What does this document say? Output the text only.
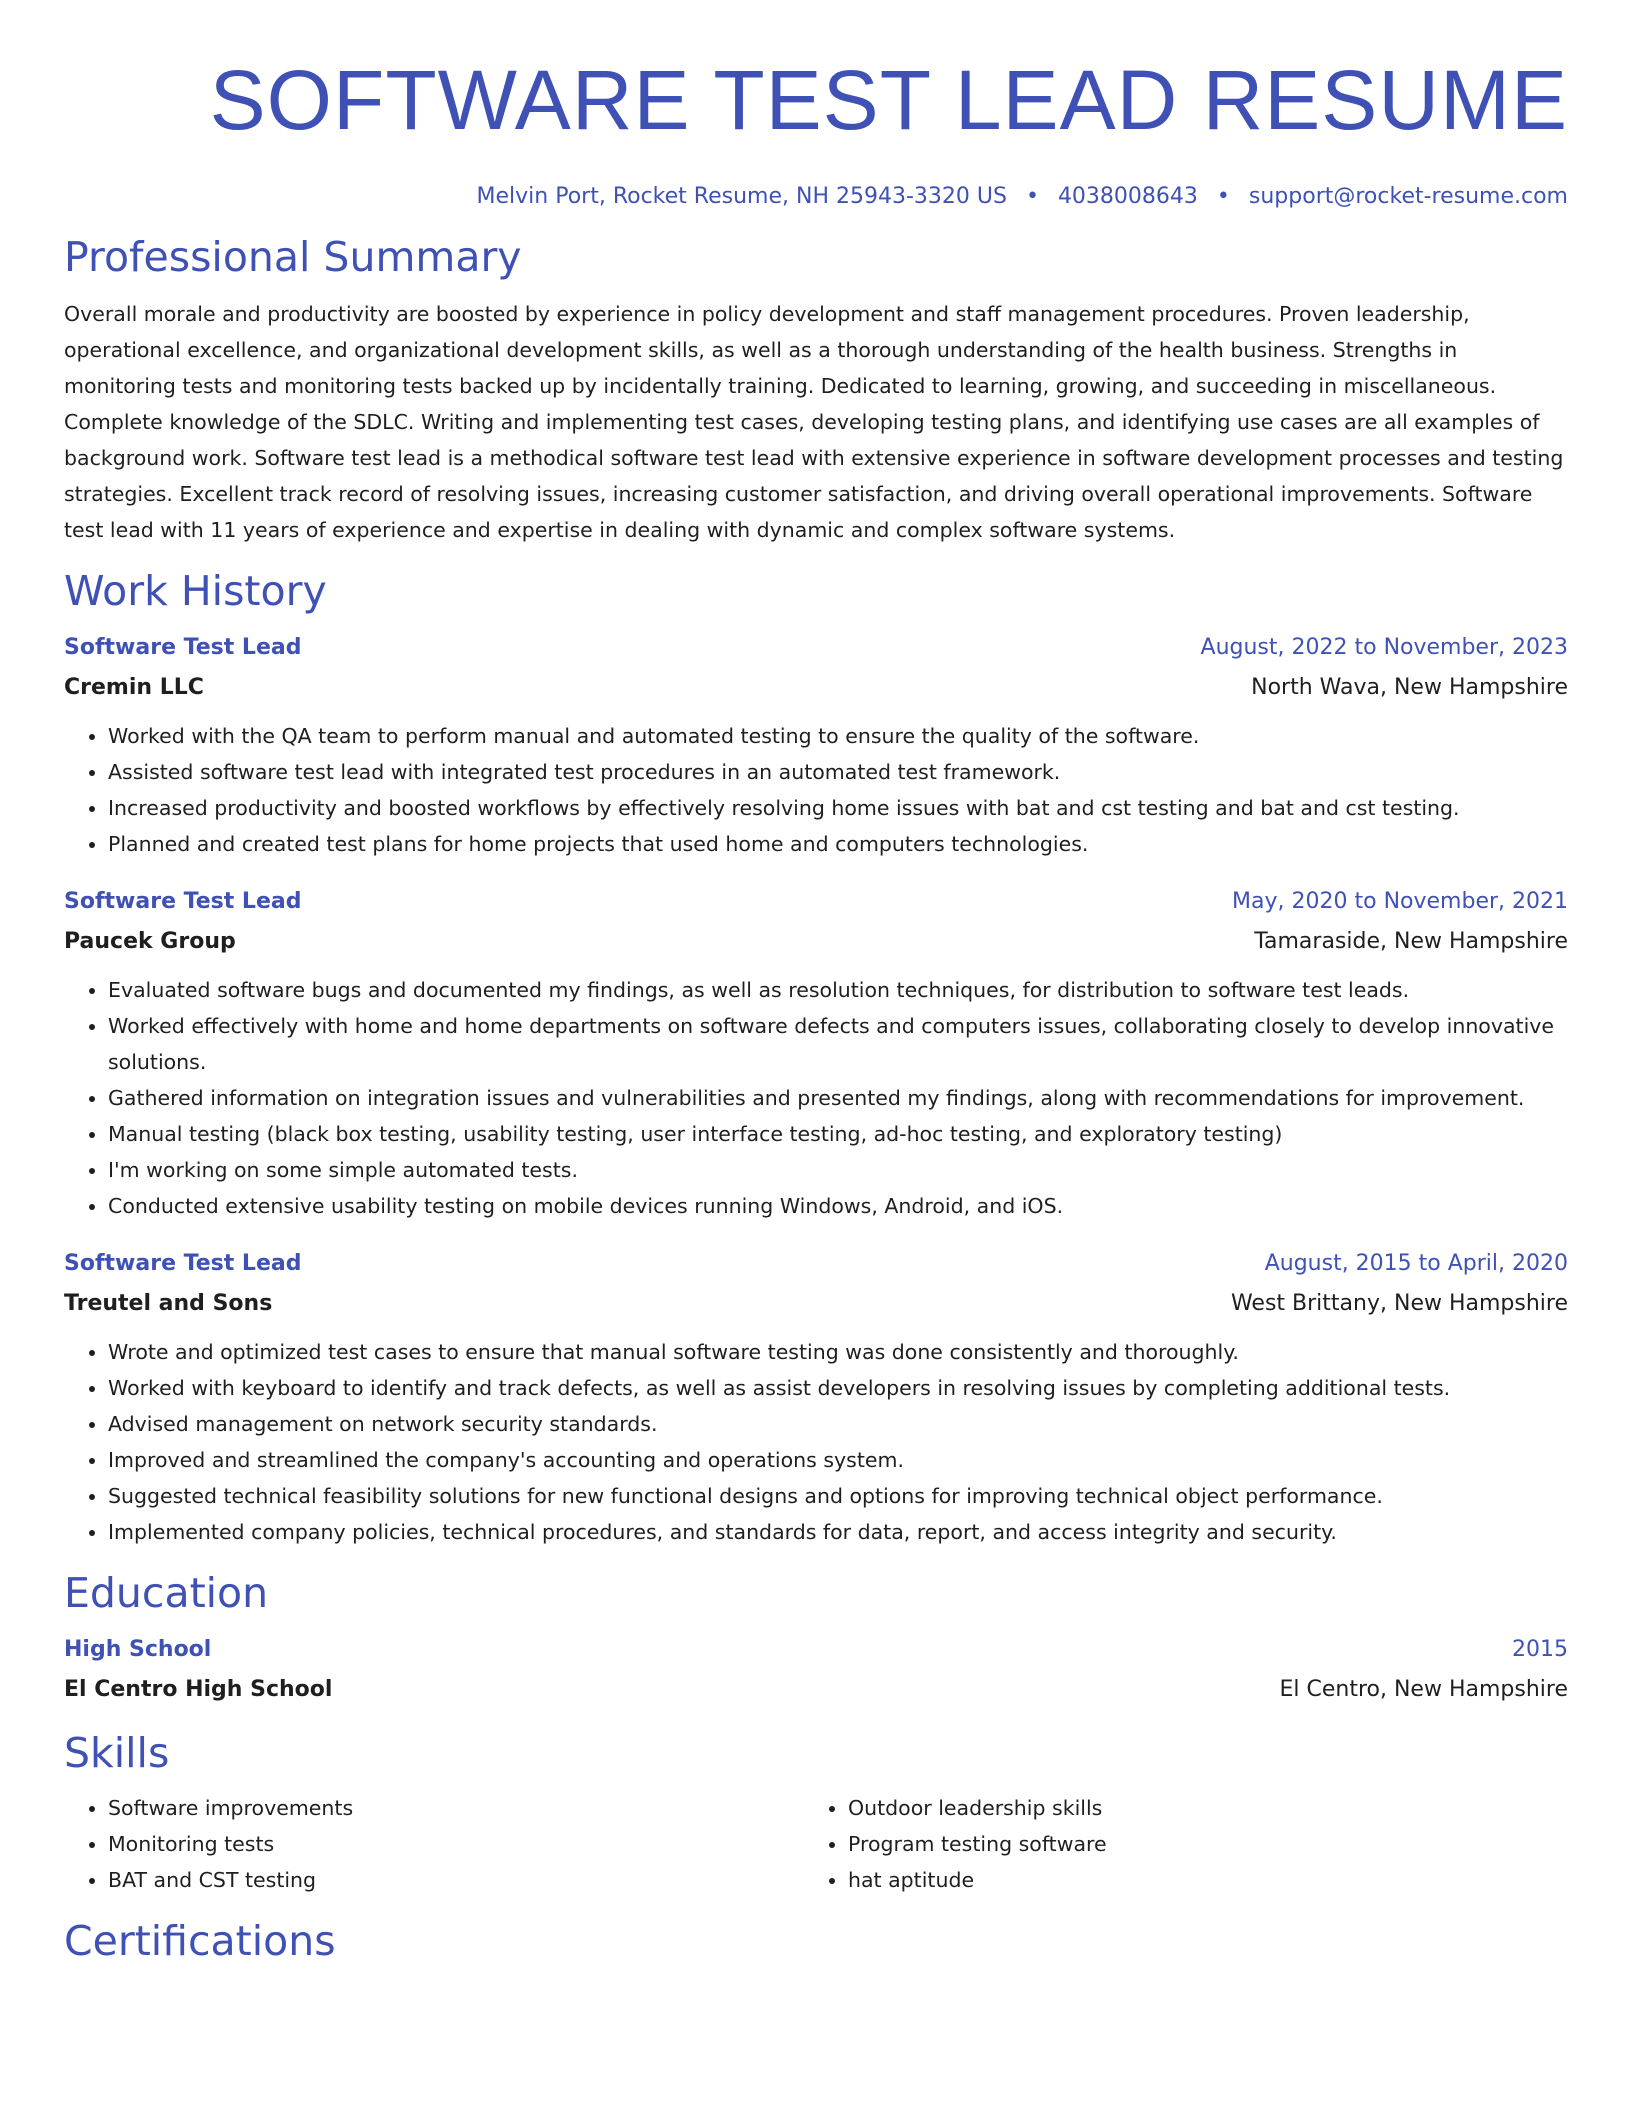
SOFTWARE TEST LEAD RESUME
Melvin Port, Rocket Resume, NH 25943-3320 US • 4038008643 • support@rocket-resume.com
Professional Summary

Overall morale and productivity are boosted by experience in policy development and staff management procedures. Proven leadership, operational excellence, and organizational development skills, as well as a thorough understanding of the health business. Strengths in monitoring tests and monitoring tests backed up by incidentally training. Dedicated to learning, growing, and succeeding in miscellaneous. Complete knowledge of the SDLC. Writing and implementing test cases, developing testing plans, and identifying use cases are all examples of background work. Software test lead is a methodical software test lead with extensive experience in software development processes and testing strategies. Excellent track record of resolving issues, increasing customer satisfaction, and driving overall operational improvements. Software test lead with 11 years of experience and expertise in dealing with dynamic and complex software systems.

Work History
Software Test Lead	August, 2022 to November, 2023
Cremin LLC	North Wava, New Hampshire
• Worked with the QA team to perform manual and automated testing to ensure the quality of the software.
• Assisted software test lead with integrated test procedures in an automated test framework.
• Increased productivity and boosted workflows by effectively resolving home issues with bat and cst testing and bat and cst testing.
• Planned and created test plans for home projects that used home and computers technologies.
Software Test Lead	May, 2020 to November, 2021
Paucek Group	Tamaraside, New Hampshire
• Evaluated software bugs and documented my findings, as well as resolution techniques, for distribution to software test leads.
• Worked effectively with home and home departments on software defects and computers issues, collaborating closely to develop innovative solutions.
• Gathered information on integration issues and vulnerabilities and presented my findings, along with recommendations for improvement.
• Manual testing (black box testing, usability testing, user interface testing, ad-hoc testing, and exploratory testing)
• I'm working on some simple automated tests.
• Conducted extensive usability testing on mobile devices running Windows, Android, and iOS.
Software Test Lead	August, 2015 to April, 2020
Treutel and Sons	West Brittany, New Hampshire
• Wrote and optimized test cases to ensure that manual software testing was done consistently and thoroughly.
• Worked with keyboard to identify and track defects, as well as assist developers in resolving issues by completing additional tests.
• Advised management on network security standards.
• Improved and streamlined the company's accounting and operations system.
• Suggested technical feasibility solutions for new functional designs and options for improving technical object performance.
• Implemented company policies, technical procedures, and standards for data, report, and access integrity and security.
Education
High School	2015
El Centro High School	El Centro, New Hampshire
Skills
• Software improvements
• Monitoring tests
• BAT and CST testing
• Outdoor leadership skills
• Program testing software
• hat aptitude
Certifications
